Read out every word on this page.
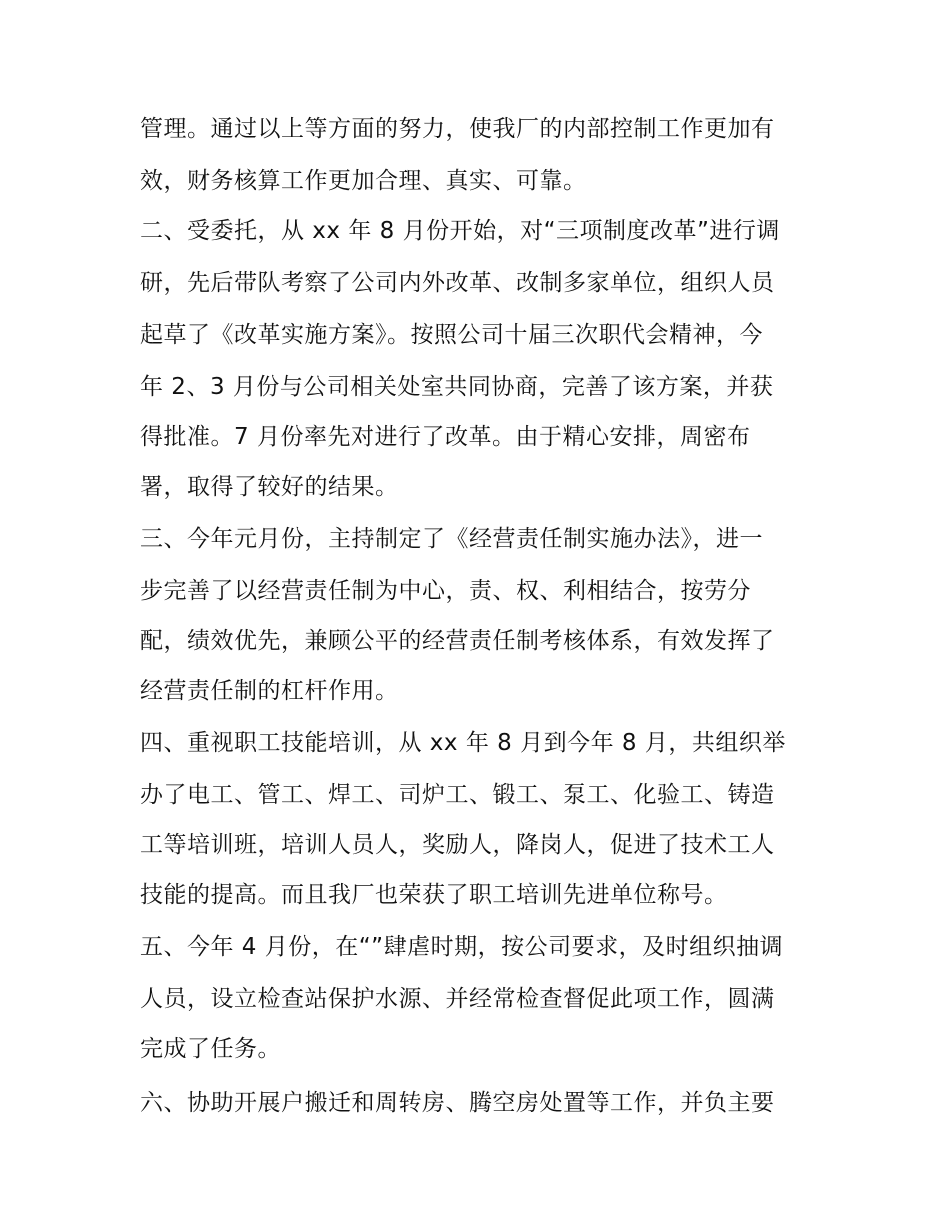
管理。通过以上等方面的努力，使我厂的内部控制工作更加有
效，财务核算工作更加合理、真实、可靠。
二、受委托，从 xx 年 8 月份开始，对“三项制度改革”进行调
研，先后带队考察了公司内外改革、改制多家单位，组织人员
起草了《改革实施方案》。按照公司十届三次职代会精神，今
年 2、3 月份与公司相关处室共同协商，完善了该方案，并获
得批准。7 月份率先对进行了改革。由于精心安排，周密布
署，取得了较好的结果。
三、今年元月份，主持制定了《经营责任制实施办法》，进一
步完善了以经营责任制为中心，责、权、利相结合，按劳分
配，绩效优先，兼顾公平的经营责任制考核体系，有效发挥了
经营责任制的杠杆作用。
四、重视职工技能培训，从 xx 年 8 月到今年 8 月，共组织举
办了电工、管工、焊工、司炉工、锻工、泵工、化验工、铸造
工等培训班，培训人员人，奖励人，降岗人，促进了技术工人
技能的提高。而且我厂也荣获了职工培训先进单位称号。
五、今年 4 月份，在“”肆虐时期，按公司要求，及时组织抽调
人员，设立检查站保护水源、并经常检查督促此项工作，圆满
完成了任务。
六、协助开展户搬迁和周转房、腾空房处置等工作，并负主要
